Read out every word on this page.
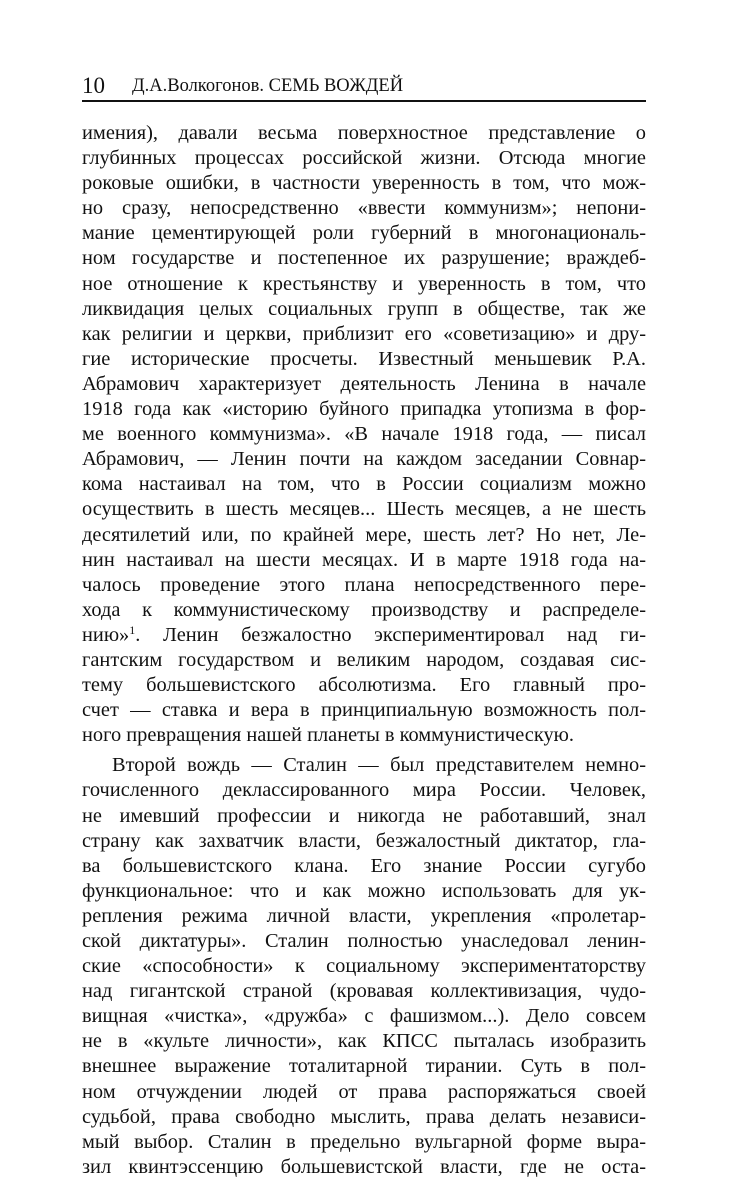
10 Д.А.Волкогонов. СЕМЬ ВОЖДЕЙ
имения), давали весьма поверхностное представление о
глубинных процессах российской жизни. Отсюда многие
роковые ошибки, в частности уверенность в том, что мож-
но сразу, непосредственно «ввести коммунизм»; непони-
мание цементирующей роли губерний в многонациональ-
ном государстве и постепенное их разрушение; враждеб-
ное отношение к крестьянству и уверенность в том, что
ликвидация целых социальных групп в обществе, так же
как религии и церкви, приблизит его «советизацию» и дру-
гие исторические просчеты. Известный меньшевик Р.А.
Абрамович характеризует деятельность Ленина в начале
1918 года как «историю буйного припадка утопизма в фор-
ме военного коммунизма». «В начале 1918 года, — писал
Абрамович, — Ленин почти на каждом заседании Совнар-
кома настаивал на том, что в России социализм можно
осуществить в шесть месяцев... Шесть месяцев, а не шесть
десятилетий или, по крайней мере, шесть лет? Но нет, Ле-
нин настаивал на шести месяцах. И в марте 1918 года на-
чалось проведение этого плана непосредственного пере-
хода к коммунистическому производству и распределе-
нию»$^1$. Ленин безжалостно экспериментировал над ги-
гантским государством и великим народом, создавая сис-
тему большевистского абсолютизма. Его главный про-
счет — ставка и вера в принципиальную возможность пол-
ного превращения нашей планеты в коммунистическую.
Второй вождь — Сталин — был представителем немно-
гочисленного деклассированного мира России. Человек,
не имевший профессии и никогда не работавший, знал
страну как захватчик власти, безжалостный диктатор, гла-
ва большевистского клана. Его знание России сугубо
функциональное: что и как можно использовать для ук-
репления режима личной власти, укрепления «пролетар-
ской диктатуры». Сталин полностью унаследовал ленин-
ские «способности» к социальному экспериментаторству
над гигантской страной (кровавая коллективизация, чудо-
вищная «чистка», «дружба» с фашизмом...). Дело совсем
не в «культе личности», как КПСС пыталась изобразить
внешнее выражение тоталитарной тирании. Суть в пол-
ном отчуждении людей от права распоряжаться своей
судьбой, права свободно мыслить, права делать независи-
мый выбор. Сталин в предельно вульгарной форме выра-
зил квинтэссенцию большевистской власти, где не оста-
